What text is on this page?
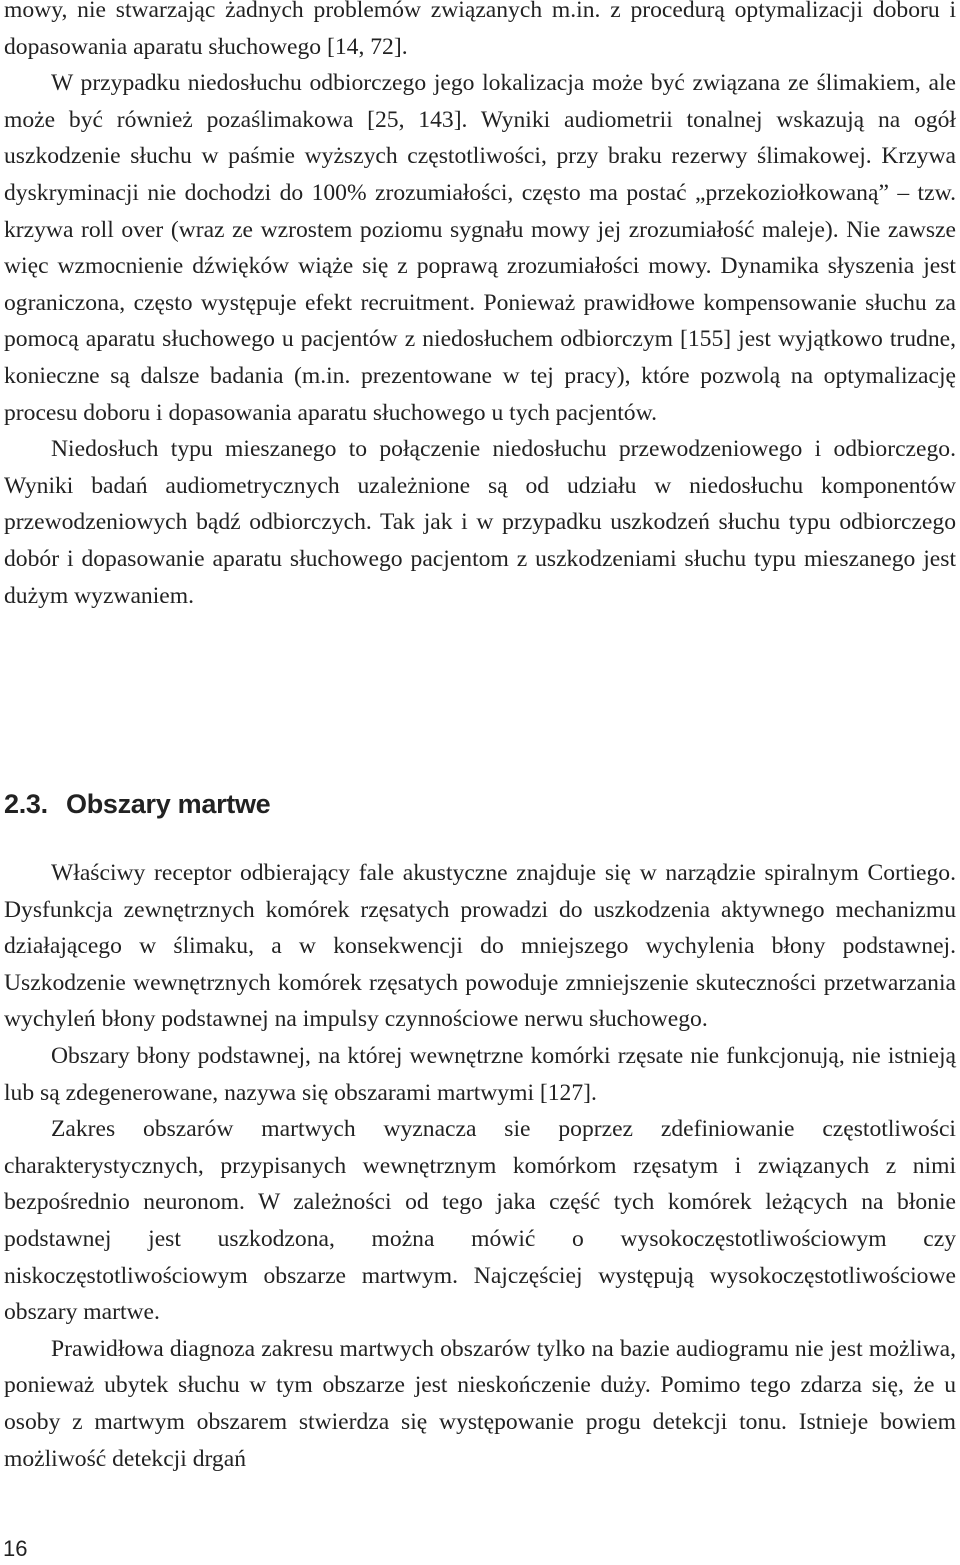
mowy, nie stwarzając żadnych problemów związanych m.in. z procedurą optymalizacji doboru i dopasowania aparatu słuchowego [14, 72].

W przypadku niedosłuchu odbiorczego jego lokalizacja może być związana ze ślimakiem, ale może być również pozaślimakowa [25, 143]. Wyniki audiometrii tonalnej wskazują na ogół uszkodzenie słuchu w paśmie wyższych częstotliwości, przy braku rezerwy ślimakowej. Krzywa dyskryminacji nie dochodzi do 100% zrozumiałości, często ma postać „przekoziołkowaną” – tzw. krzywa roll over (wraz ze wzrostem poziomu sygnału mowy jej zrozumiałość maleje). Nie zawsze więc wzmocnienie dźwięków wiąże się z poprawą zrozumiałości mowy. Dynamika słyszenia jest ograniczona, często występuje efekt recruitment. Ponieważ prawidłowe kompensowanie słuchu za pomocą aparatu słuchowego u pacjentów z niedosłuchem odbiorczym [155] jest wyjątkowo trudne, konieczne są dalsze badania (m.in. prezentowane w tej pracy), które pozwolą na optymalizację procesu doboru i dopasowania aparatu słuchowego u tych pacjentów.

Niedosłuch typu mieszanego to połączenie niedosłuchu przewodzeniowego i odbiorczego. Wyniki badań audiometrycznych uzależnione są od udziału w niedosłuchu komponentów przewodzeniowych bądź odbiorczych. Tak jak i w przypadku uszkodzeń słuchu typu odbiorczego dobór i dopasowanie aparatu słuchowego pacjentom z uszkodzeniami słuchu typu mieszanego jest dużym wyzwaniem.

2.3. Obszary martwe

Właściwy receptor odbierający fale akustyczne znajduje się w narządzie spiralnym Cortiego. Dysfunkcja zewnętrznych komórek rzęsatych prowadzi do uszkodzenia aktywnego mechanizmu działającego w ślimaku, a w konsekwencji do mniejszego wychylenia błony podstawnej. Uszkodzenie wewnętrznych komórek rzęsatych powoduje zmniejszenie skuteczności przetwarzania wychyleń błony podstawnej na impulsy czynnościowe nerwu słuchowego.

Obszary błony podstawnej, na której wewnętrzne komórki rzęsate nie funkcjonują, nie istnieją lub są zdegenerowane, nazywa się obszarami martwymi [127].

Zakres obszarów martwych wyznacza sie poprzez zdefiniowanie częstotliwości charakterystycznych, przypisanych wewnętrznym komórkom rzęsatym i związanych z nimi bezpośrednio neuronom. W zależności od tego jaka część tych komórek leżących na błonie podstawnej jest uszkodzona, można mówić o wysokoczęstotliwościowym czy niskoczęstotliwościowym obszarze martwym. Najczęściej występują wysokoczęstotliwościowe obszary martwe.

Prawidłowa diagnoza zakresu martwych obszarów tylko na bazie audiogramu nie jest możliwa, ponieważ ubytek słuchu w tym obszarze jest nieskończenie duży. Pomimo tego zdarza się, że u osoby z martwym obszarem stwierdza się występowanie progu detekcji tonu. Istnieje bowiem możliwość detekcji drgań

16
